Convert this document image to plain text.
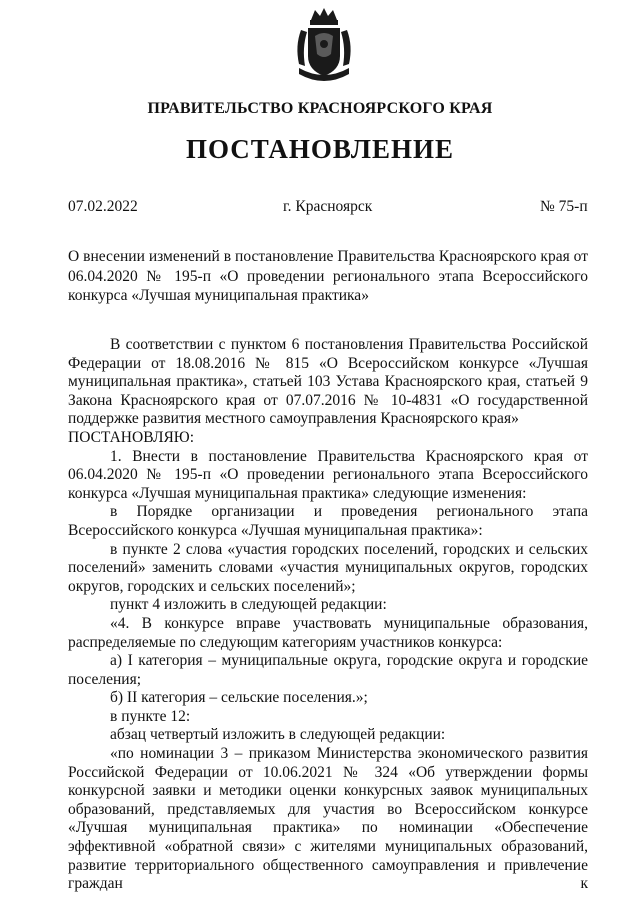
ПРАВИТЕЛЬСТВО КРАСНОЯРСКОГО КРАЯ
ПОСТАНОВЛЕНИЕ
07.02.2022	г. Красноярск	№ 75-п
О внесении изменений в постановление Правительства Красноярского края от 06.04.2020 № 195-п «О проведении регионального этапа Всероссийского конкурса «Лучшая муниципальная практика»

В соответствии с пунктом 6 постановления Правительства Российской Федерации от 18.08.2016 № 815 «О Всероссийском конкурсе «Лучшая муниципальная практика», статьей 103 Устава Красноярского края, статьей 9 Закона Красноярского края от 07.07.2016 № 10-4831 «О государственной поддержке развития местного самоуправления Красноярского края»

ПОСТАНОВЛЯЮ:

1. Внести в постановление Правительства Красноярского края от 06.04.2020 № 195-п «О проведении регионального этапа Всероссийского конкурса «Лучшая муниципальная практика» следующие изменения:

в Порядке организации и проведения регионального этапа Всероссийского конкурса «Лучшая муниципальная практика»:

в пункте 2 слова «участия городских поселений, городских и сельских поселений» заменить словами «участия муниципальных округов, городских округов, городских и сельских поселений»;

пункт 4 изложить в следующей редакции:

«4. В конкурсе вправе участвовать муниципальные образования, распределяемые по следующим категориям участников конкурса:

а) I категория – муниципальные округа, городские округа и городские поселения;

б) II категория – сельские поселения.»;

в пункте 12:

абзац четвертый изложить в следующей редакции:

«по номинации 3 – приказом Министерства экономического развития Российской Федерации от 10.06.2021 № 324 «Об утверждении формы конкурсной заявки и методики оценки конкурсных заявок муниципальных образований, представляемых для участия во Всероссийском конкурсе «Лучшая муниципальная практика» по номинации «Обеспечение эффективной «обратной связи» с жителями муниципальных образований, развитие территориального общественного самоуправления и привлечение граждан к
